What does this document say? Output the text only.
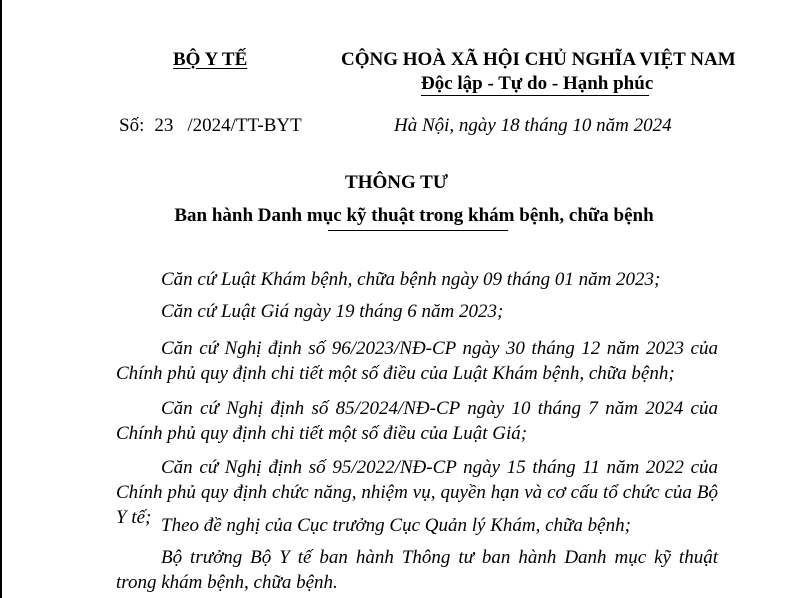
BỘ Y TẾ	CỘNG HOÀ XÃ HỘI CHỦ NGHĨA VIỆT NAM
Độc lập - Tự do - Hạnh phúc
Số: 23 /2024/TT-BYT	Hà Nội, ngày 18 tháng 10 năm 2024
THÔNG TƯ
Ban hành Danh mục kỹ thuật trong khám bệnh, chữa bệnh
Căn cứ Luật Khám bệnh, chữa bệnh ngày 09 tháng 01 năm 2023;
Căn cứ Luật Giá ngày 19 tháng 6 năm 2023;
Căn cứ Nghị định số 96/2023/NĐ-CP ngày 30 tháng 12 năm 2023 của Chính phủ quy định chi tiết một số điều của Luật Khám bệnh, chữa bệnh;
Căn cứ Nghị định số 85/2024/NĐ-CP ngày 10 tháng 7 năm 2024 của Chính phủ quy định chi tiết một số điều của Luật Giá;
Căn cứ Nghị định số 95/2022/NĐ-CP ngày 15 tháng 11 năm 2022 của Chính phủ quy định chức năng, nhiệm vụ, quyền hạn và cơ cấu tổ chức của Bộ Y tế; Theo đề nghị của Cục trưởng Cục Quản lý Khám, chữa bệnh;
Bộ trưởng Bộ Y tế ban hành Thông tư ban hành Danh mục kỹ thuật trong khám bệnh, chữa bệnh.
